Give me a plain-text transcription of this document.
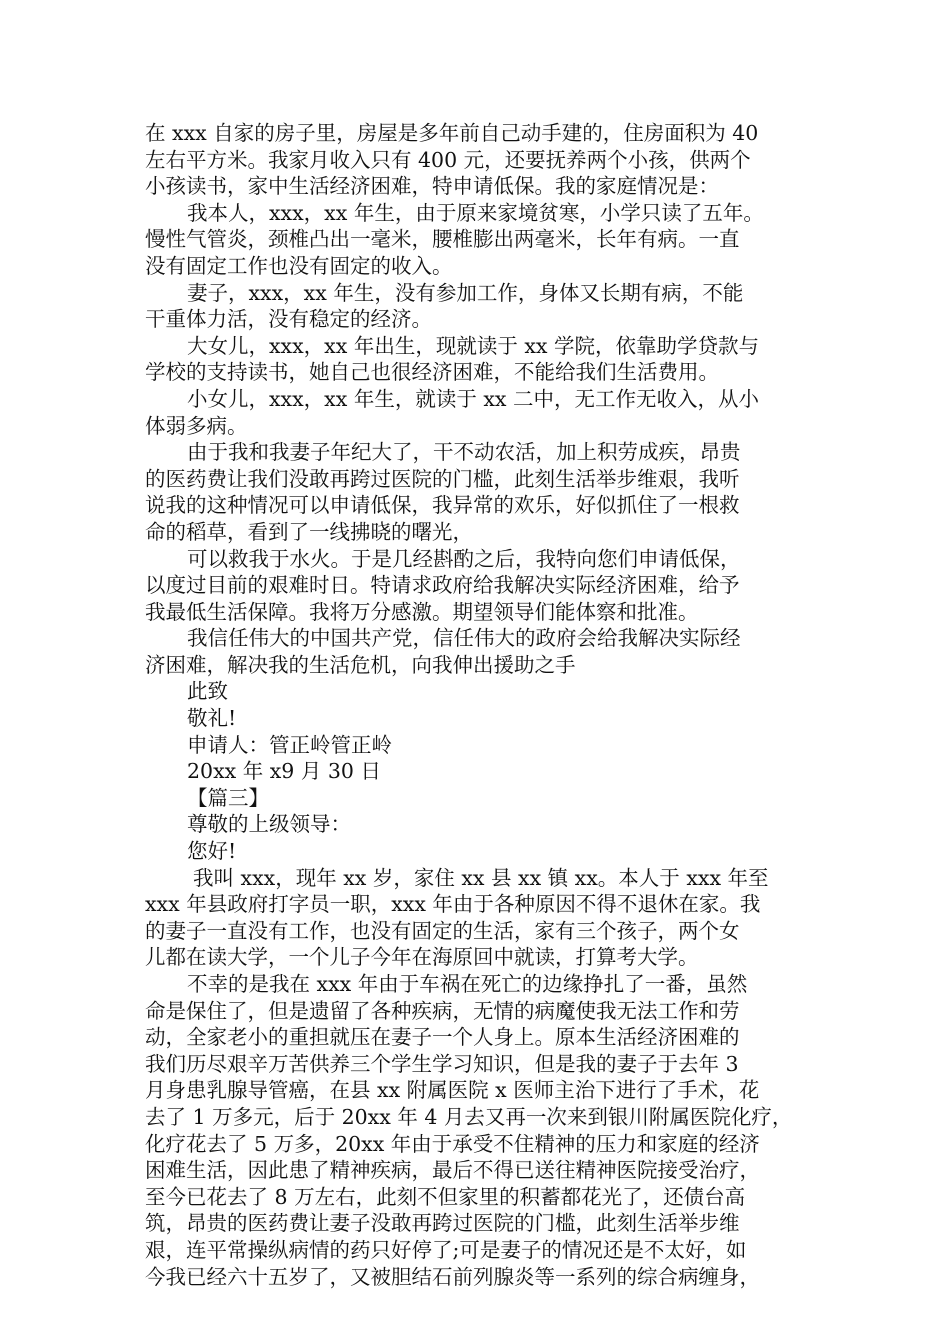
在 xxx 自家的房子里，房屋是多年前自己动手建的，住房面积为 40
左右平方米。我家月收入只有 400 元，还要抚养两个小孩，供两个
小孩读书，家中生活经济困难，特申请低保。我的家庭情况是：
我本人，xxx，xx 年生，由于原来家境贫寒，小学只读了五年。
慢性气管炎，颈椎凸出一毫米，腰椎膨出两毫米，长年有病。一直
没有固定工作也没有固定的收入。
妻子，xxx，xx 年生，没有参加工作，身体又长期有病，不能
干重体力活，没有稳定的经济。
大女儿，xxx，xx 年出生，现就读于 xx 学院，依靠助学贷款与
学校的支持读书，她自己也很经济困难，不能给我们生活费用。
小女儿，xxx，xx 年生，就读于 xx 二中，无工作无收入，从小
体弱多病。
由于我和我妻子年纪大了，干不动农活，加上积劳成疾，昂贵
的医药费让我们没敢再跨过医院的门槛，此刻生活举步维艰，我听
说我的这种情况可以申请低保，我异常的欢乐，好似抓住了一根救
命的稻草，看到了一线拂晓的曙光，
可以救我于水火。于是几经斟酌之后，我特向您们申请低保，
以度过目前的艰难时日。特请求政府给我解决实际经济困难，给予
我最低生活保障。我将万分感激。期望领导们能体察和批准。
我信任伟大的中国共产党，信任伟大的政府会给我解决实际经
济困难，解决我的生活危机，向我伸出援助之手
此致
敬礼!
申请人：管正岭管正岭
20xx 年 x9 月 30 日
【篇三】
尊敬的上级领导：
您好!
我叫 xxx，现年 xx 岁，家住 xx 县 xx 镇 xx。本人于 xxx 年至
xxx 年县政府打字员一职，xxx 年由于各种原因不得不退休在家。我
的妻子一直没有工作，也没有固定的生活，家有三个孩子，两个女
儿都在读大学，一个儿子今年在海原回中就读，打算考大学。
不幸的是我在 xxx 年由于车祸在死亡的边缘挣扎了一番，虽然
命是保住了，但是遗留了各种疾病，无情的病魔使我无法工作和劳
动，全家老小的重担就压在妻子一个人身上。原本生活经济困难的
我们历尽艰辛万苦供养三个学生学习知识，但是我的妻子于去年 3
月身患乳腺导管癌，在县 xx 附属医院 x 医师主治下进行了手术，花
去了 1 万多元，后于 20xx 年 4 月去又再一次来到银川附属医院化疗，
化疗花去了 5 万多，20xx 年由于承受不住精神的压力和家庭的经济
困难生活，因此患了精神疾病，最后不得已送往精神医院接受治疗，
至今已花去了 8 万左右，此刻不但家里的积蓄都花光了，还债台高
筑，昂贵的医药费让妻子没敢再跨过医院的门槛，此刻生活举步维
艰，连平常操纵病情的药只好停了;可是妻子的情况还是不太好，如
今我已经六十五岁了，又被胆结石前列腺炎等一系列的综合病缠身，
